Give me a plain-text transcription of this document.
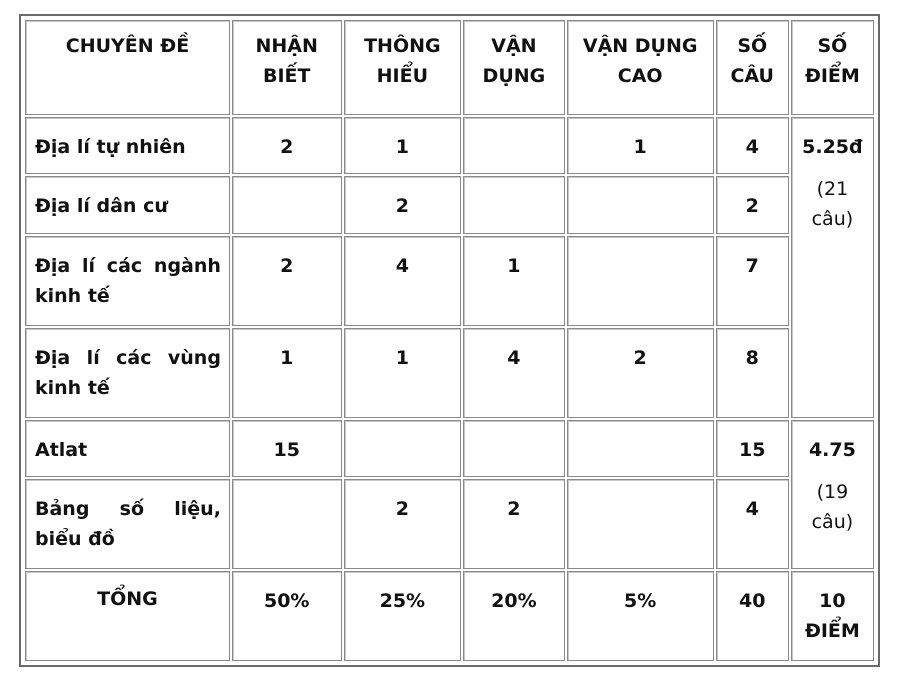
CHUYÊN ĐỀ	NHẬN BIẾT	THÔNG HIỂU	VẬN DỤNG	VẬN DỤNG CAO	SỐ CÂU	SỐ ĐIỂM
Địa lí tự nhiên	2	1		1	4	5.25đ
(21 câu)

Địa lí dân cư		2			2	
Địa lí các ngành kinh tế	2	4	1		7	
Địa lí các vùng kinh tế	1	1	4	2	8	
Atlat	15				15	4.75
(19 câu)

Bảng số liệu, biểu đồ		2	2		4	
TỔNG	50%	25%	20%	5%	40	10 ĐIỂM
